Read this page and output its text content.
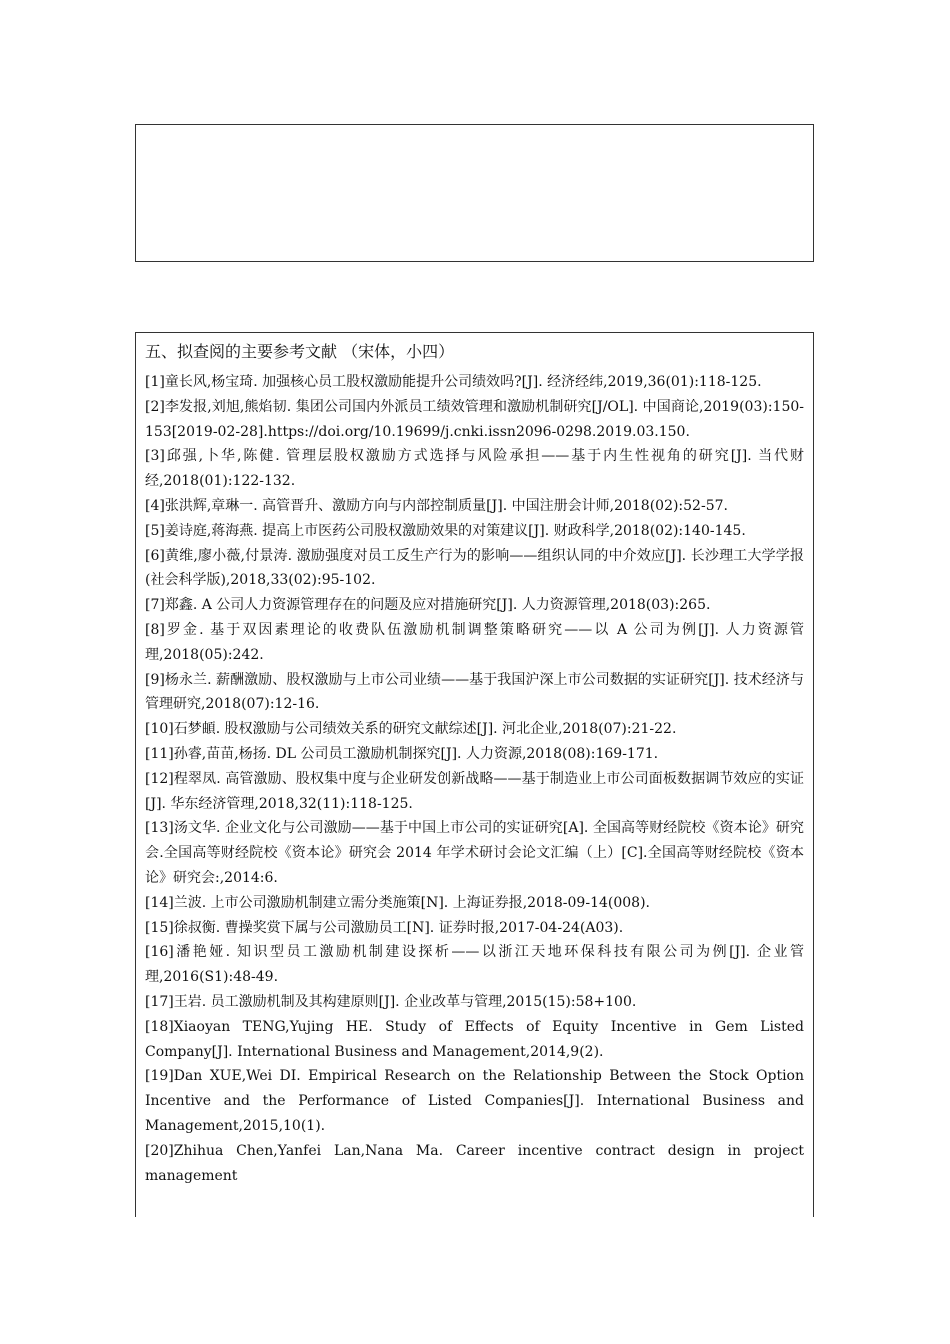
五、拟查阅的主要参考文献 （宋体，小四）
[1]童长风,杨宝琦. 加强核心员工股权激励能提升公司绩效吗?[J]. 经济经纬,2019,36(01):118-125.
[2]李发报,刘旭,熊焰韧. 集团公司国内外派员工绩效管理和激励机制研究[J/OL]. 中国商论,2019(03):150-153[2019-02-28].https://doi.org/10.19699/j.cnki.issn2096-0298.2019.03.150.
[3]邱强,卜华,陈健. 管理层股权激励方式选择与风险承担——基于内生性视角的研究[J]. 当代财经,2018(01):122-132.
[4]张洪辉,章琳一. 高管晋升、激励方向与内部控制质量[J]. 中国注册会计师,2018(02):52-57.
[5]姜诗庭,蒋海燕. 提高上市医药公司股权激励效果的对策建议[J]. 财政科学,2018(02):140-145.
[6]黄维,廖小薇,付景涛. 激励强度对员工反生产行为的影响——组织认同的中介效应[J]. 长沙理工大学学报(社会科学版),2018,33(02):95-102.
[7]郑鑫. A 公司人力资源管理存在的问题及应对措施研究[J]. 人力资源管理,2018(03):265.
[8]罗金. 基于双因素理论的收费队伍激励机制调整策略研究——以 A 公司为例[J]. 人力资源管理,2018(05):242.
[9]杨永兰. 薪酬激励、股权激励与上市公司业绩——基于我国沪深上市公司数据的实证研究[J]. 技术经济与管理研究,2018(07):12-16.
[10]石梦頔. 股权激励与公司绩效关系的研究文献综述[J]. 河北企业,2018(07):21-22.
[11]孙睿,苗苗,杨扬. DL 公司员工激励机制探究[J]. 人力资源,2018(08):169-171.
[12]程翠凤. 高管激励、股权集中度与企业研发创新战略——基于制造业上市公司面板数据调节效应的实证[J]. 华东经济管理,2018,32(11):118-125.
[13]汤文华. 企业文化与公司激励——基于中国上市公司的实证研究[A]. 全国高等财经院校《资本论》研究会.全国高等财经院校《资本论》研究会 2014 年学术研讨会论文汇编（上）[C].全国高等财经院校《资本论》研究会:,2014:6.
[14]兰波. 上市公司激励机制建立需分类施策[N]. 上海证券报,2018-09-14(008).
[15]徐叔衡. 曹操奖赏下属与公司激励员工[N]. 证券时报,2017-04-24(A03).
[16]潘艳娅. 知识型员工激励机制建设探析——以浙江天地环保科技有限公司为例[J]. 企业管理,2016(S1):48-49.
[17]王岩. 员工激励机制及其构建原则[J]. 企业改革与管理,2015(15):58+100.
[18]Xiaoyan TENG,Yujing HE. Study of Effects of Equity Incentive in Gem Listed Company[J]. International Business and Management,2014,9(2).
[19]Dan XUE,Wei DI. Empirical Research on the Relationship Between the Stock Option Incentive and the Performance of Listed Companies[J]. International Business and Management,2015,10(1).
[20]Zhihua Chen,Yanfei Lan,Nana Ma. Career incentive contract design in project management
